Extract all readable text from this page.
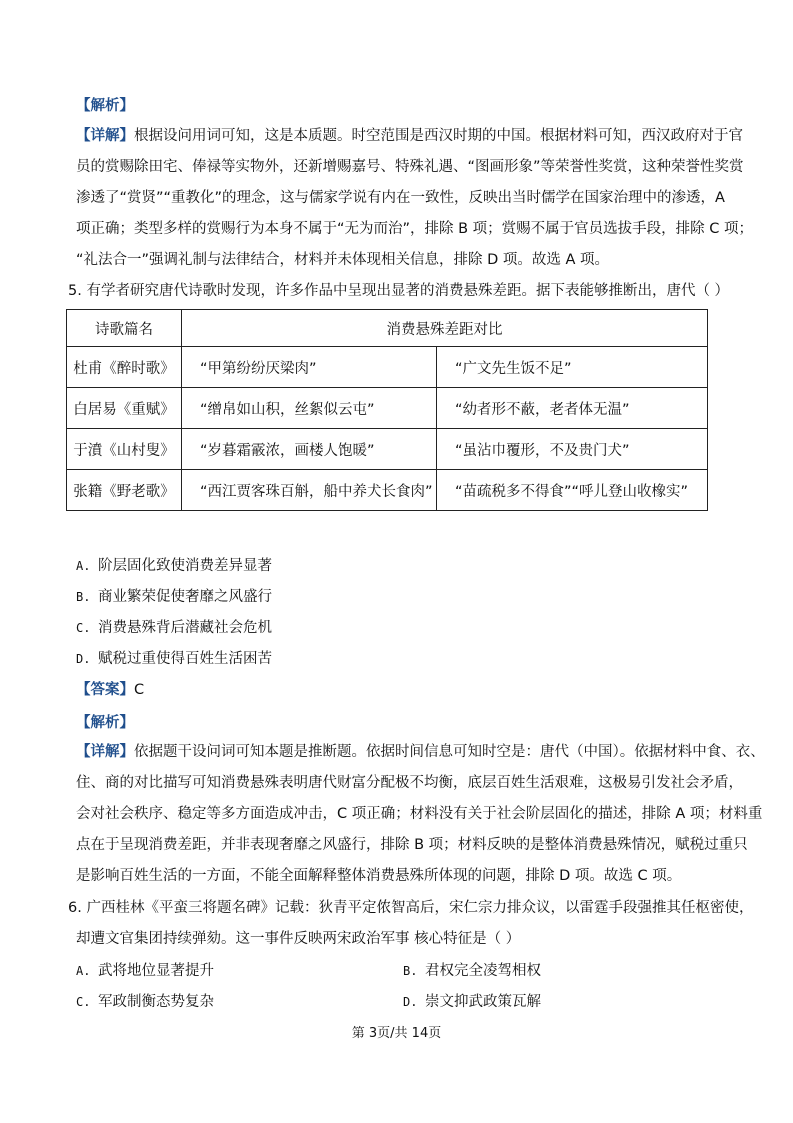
【解析】
【详解】根据设问用词可知，这是本质题。时空范围是西汉时期的中国。根据材料可知，西汉政府对于官
员的赏赐除田宅、俸禄等实物外，还新增赐嘉号、特殊礼遇、“图画形象”等荣誉性奖赏，这种荣誉性奖赏
渗透了“赏贤”“重教化”的理念，这与儒家学说有内在一致性，反映出当时儒学在国家治理中的渗透，A
项正确；类型多样的赏赐行为本身不属于“无为而治”，排除 B 项；赏赐不属于官员选拔手段，排除 C 项；
“礼法合一”强调礼制与法律结合，材料并未体现相关信息，排除 D 项。故选 A 项。
5. 有学者研究唐代诗歌时发现，许多作品中呈现出显著的消费悬殊差距。据下表能够推断出，唐代（ ）
诗歌篇名	消费悬殊差距对比	
杜甫《醉时歌》	“甲第纷纷厌梁肉”	“广文先生饭不足”
白居易《重赋》	“缯帛如山积，丝絮似云屯”	“幼者形不蔽，老者体无温”
于濆《山村叟》	“岁暮霜霰浓，画楼人饱暖”	“虽沾巾覆形，不及贵门犬”
张籍《野老歌》	“西江贾客珠百斛，船中养犬长食肉”	“苗疏税多不得食”“呼儿登山收橡实”
A. 阶层固化致使消费差异显著
B. 商业繁荣促使奢靡之风盛行
C. 消费悬殊背后潜藏社会危机
D. 赋税过重使得百姓生活困苦
【答案】C
【解析】
【详解】依据题干设问词可知本题是推断题。依据时间信息可知时空是：唐代（中国）。依据材料中食、衣、
住、商的对比描写可知消费悬殊表明唐代财富分配极不均衡，底层百姓生活艰难，这极易引发社会矛盾，
会对社会秩序、稳定等多方面造成冲击，C 项正确；材料没有关于社会阶层固化的描述，排除 A 项；材料重
点在于呈现消费差距，并非表现奢靡之风盛行，排除 B 项；材料反映的是整体消费悬殊情况，赋税过重只
是影响百姓生活的一方面，不能全面解释整体消费悬殊所体现的问题，排除 D 项。故选 C 项。
6. 广西桂林《平蛮三将题名碑》记载：狄青平定侬智高后，宋仁宗力排众议，以雷霆手段强推其任枢密使，
却遭文官集团持续弹劾。这一事件反映两宋政治军事 核心特征是（ ）
A. 武将地位显著提升	B. 君权完全凌驾相权
C. 军政制衡态势复杂	D. 崇文抑武政策瓦解
第 3页/共 14页
